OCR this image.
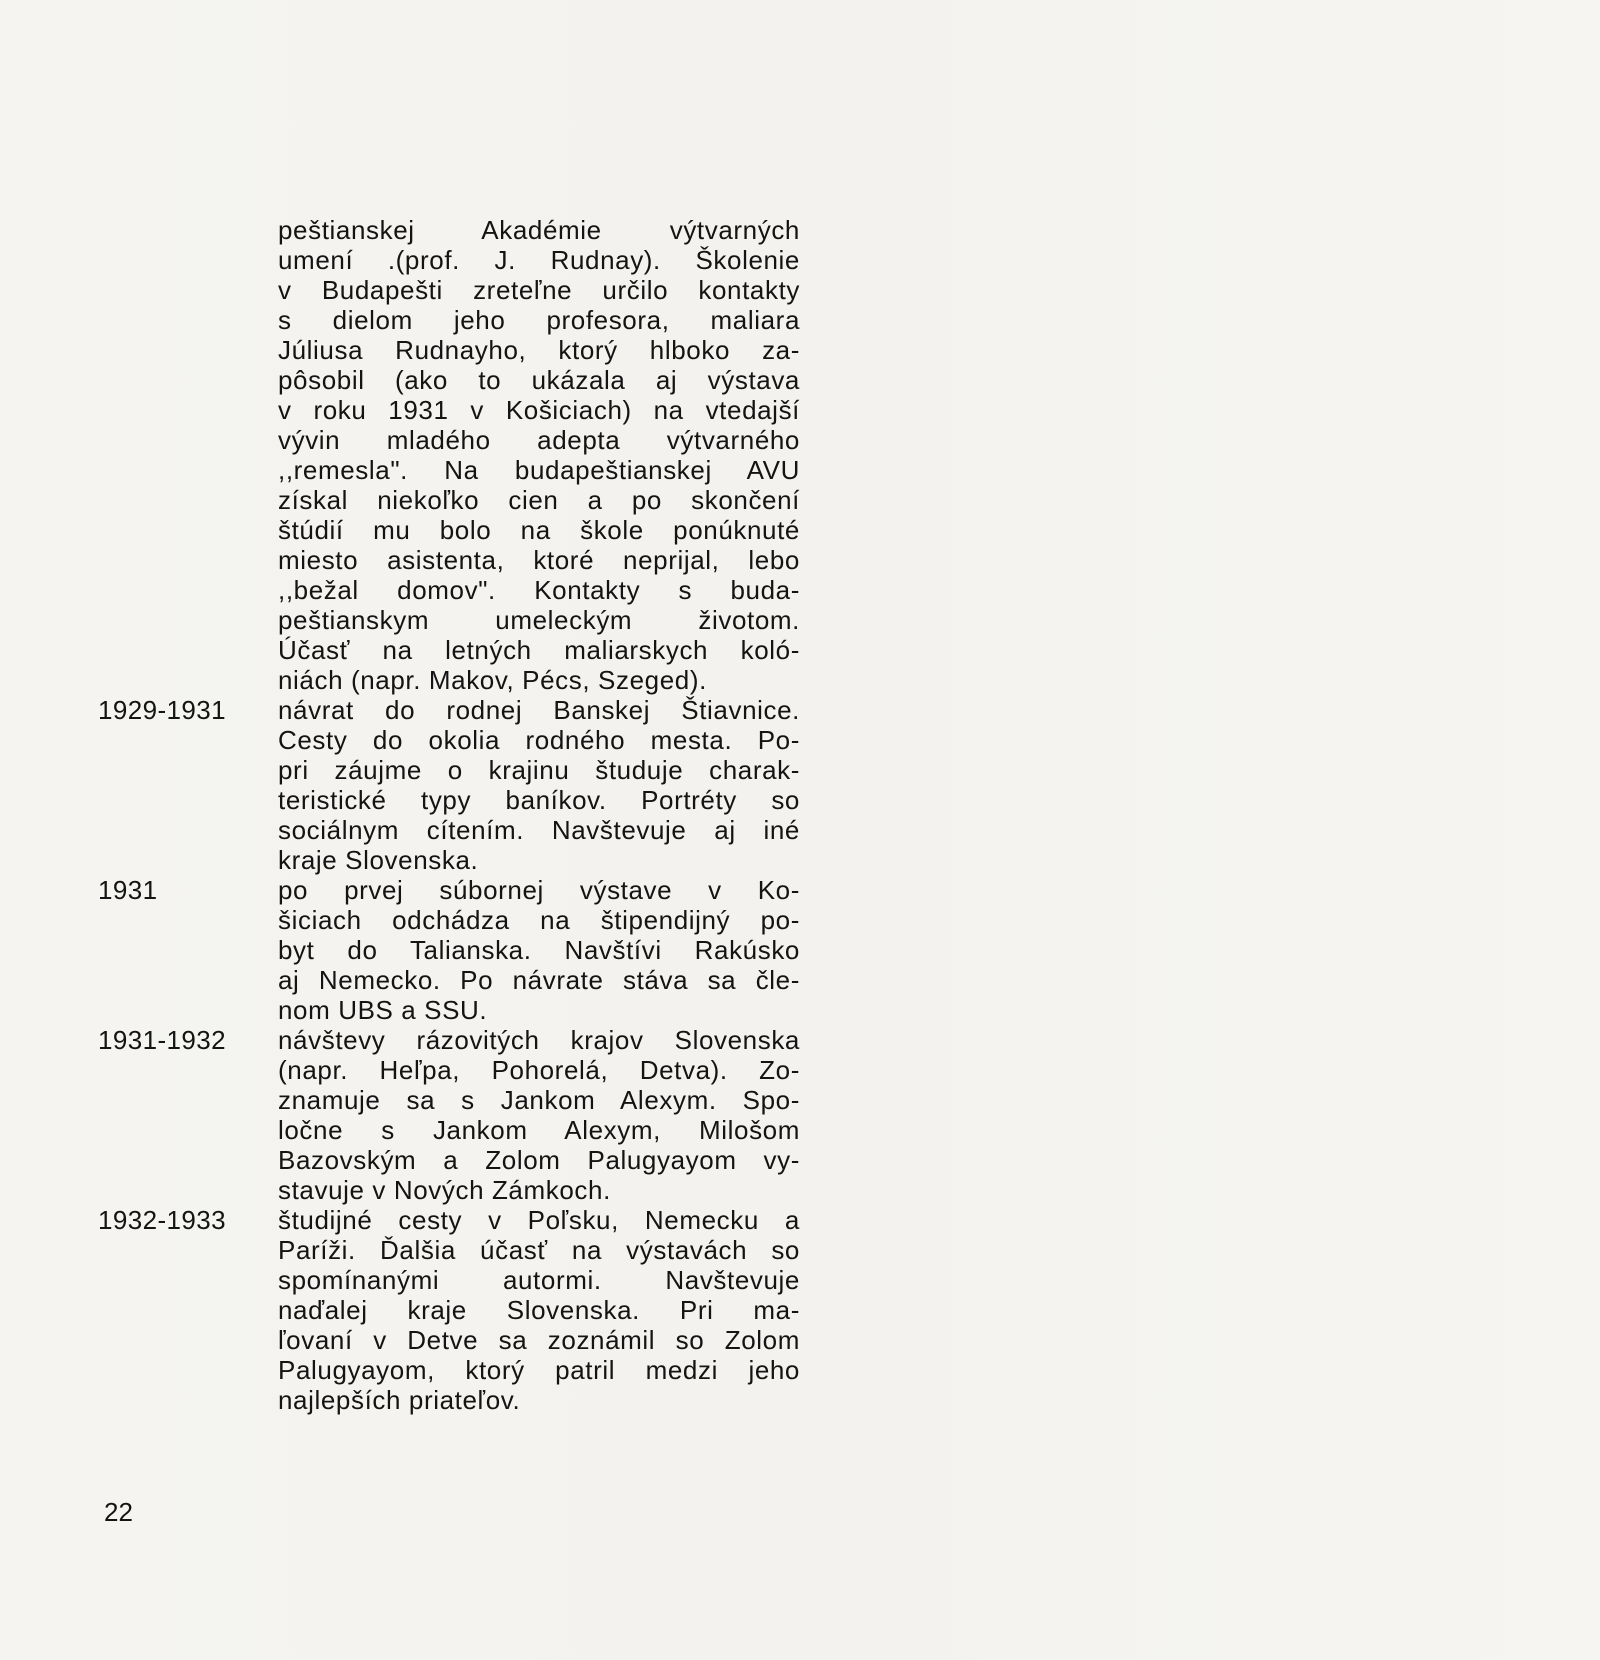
peštianskej Akadémie výtvarných
umení .(prof. J. Rudnay). Školenie
v Budapešti zreteľne určilo kontakty
s dielom jeho profesora, maliara
Júliusa Rudnayho, ktorý hlboko za-
pôsobil (ako to ukázala aj výstava
v roku 1931 v Košiciach) na vtedajší
vývin mladého adepta výtvarného
,,remesla". Na budapeštianskej AVU
získal niekoľko cien a po skončení
štúdií mu bolo na škole ponúknuté
miesto asistenta, ktoré neprijal, lebo
,,bežal domov". Kontakty s buda-
peštianskym umeleckým životom.
Účasť na letných maliarskych koló-
niách (napr. Makov, Pécs, Szeged).
1929-1931	návrat do rodnej Banskej Štiavnice.
Cesty do okolia rodného mesta. Po-
pri záujme o krajinu študuje charak-
teristické typy baníkov. Portréty so
sociálnym cítením. Navštevuje aj iné
kraje Slovenska.
1931	po prvej súbornej výstave v Ko-
šiciach odchádza na štipendijný po-
byt do Talianska. Navštívi Rakúsko
aj Nemecko. Po návrate stáva sa čle-
nom UBS a SSU.
1931-1932	návštevy rázovitých krajov Slovenska
(napr. Heľpa, Pohorelá, Detva). Zo-
znamuje sa s Jankom Alexym. Spo-
ločne s Jankom Alexym, Milošom
Bazovským a Zolom Palugyayom vy-
stavuje v Nových Zámkoch.
1932-1933	študijné cesty v Poľsku, Nemecku a
Paríži. Ďalšia účasť na výstavách so
spomínanými autormi. Navštevuje
naďalej kraje Slovenska. Pri ma-
ľovaní v Detve sa zoznámil so Zolom
Palugyayom, ktorý patril medzi jeho
najlepších priateľov.
22
